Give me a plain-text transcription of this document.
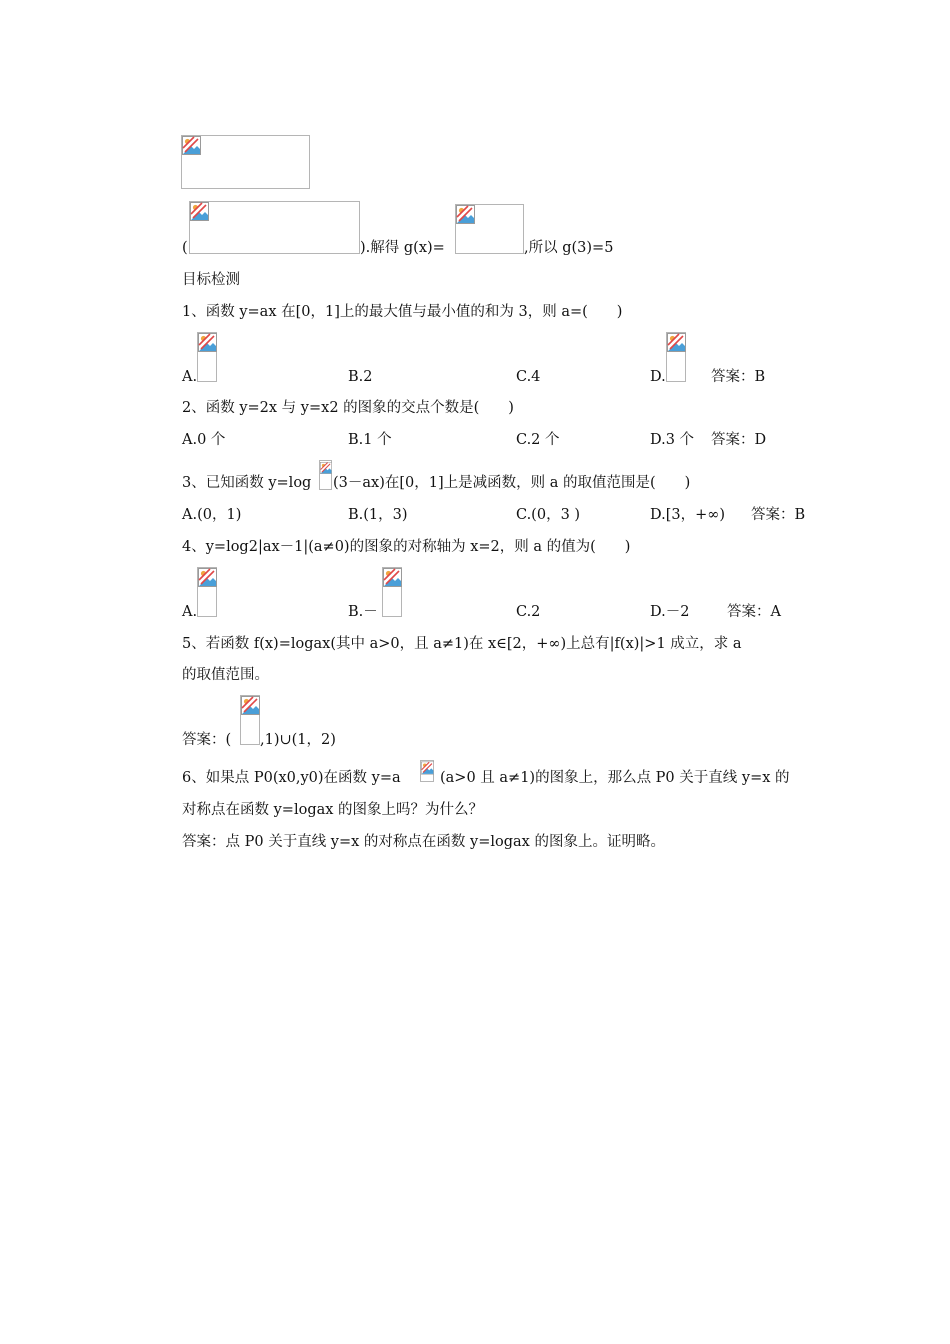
(	).解得 g(x)=	,所以 g(3)=5
目标检测
1、函数 y=ax 在[0，1]上的最大值与最小值的和为 3，则 a=(　　)
A.	B.2	C.4	D.	答案：B
2、函数 y=2x 与 y=x2 的图象的交点个数是(　　)
A.0 个	B.1 个	C.2 个	D.3 个 答案：D
3、已知函数 y=log (3－ax)在[0，1]上是减函数，则 a 的取值范围是(　　)
A.(0，1)	B.(1，3)	C.(0，3 )	D.[3，+∞) 答案：B
4、y=log2|ax－1|(a≠0)的图象的对称轴为 x=2，则 a 的值为(　　)
A.	B.－	C.2	D.－2	答案：A
5、若函数 f(x)=logax(其中 a>0，且 a≠1)在 x∈[2，+∞)上总有|f(x)|>1 成立，求 a
的取值范围。
答案：( ,1)∪(1，2)
6、如果点 P0(x0,y0)在函数 y=a	(a>0 且 a≠1)的图象上，那么点 P0 关于直线 y=x 的
对称点在函数 y=logax 的图象上吗？为什么？
答案：点 P0 关于直线 y=x 的对称点在函数 y=logax 的图象上。证明略。
